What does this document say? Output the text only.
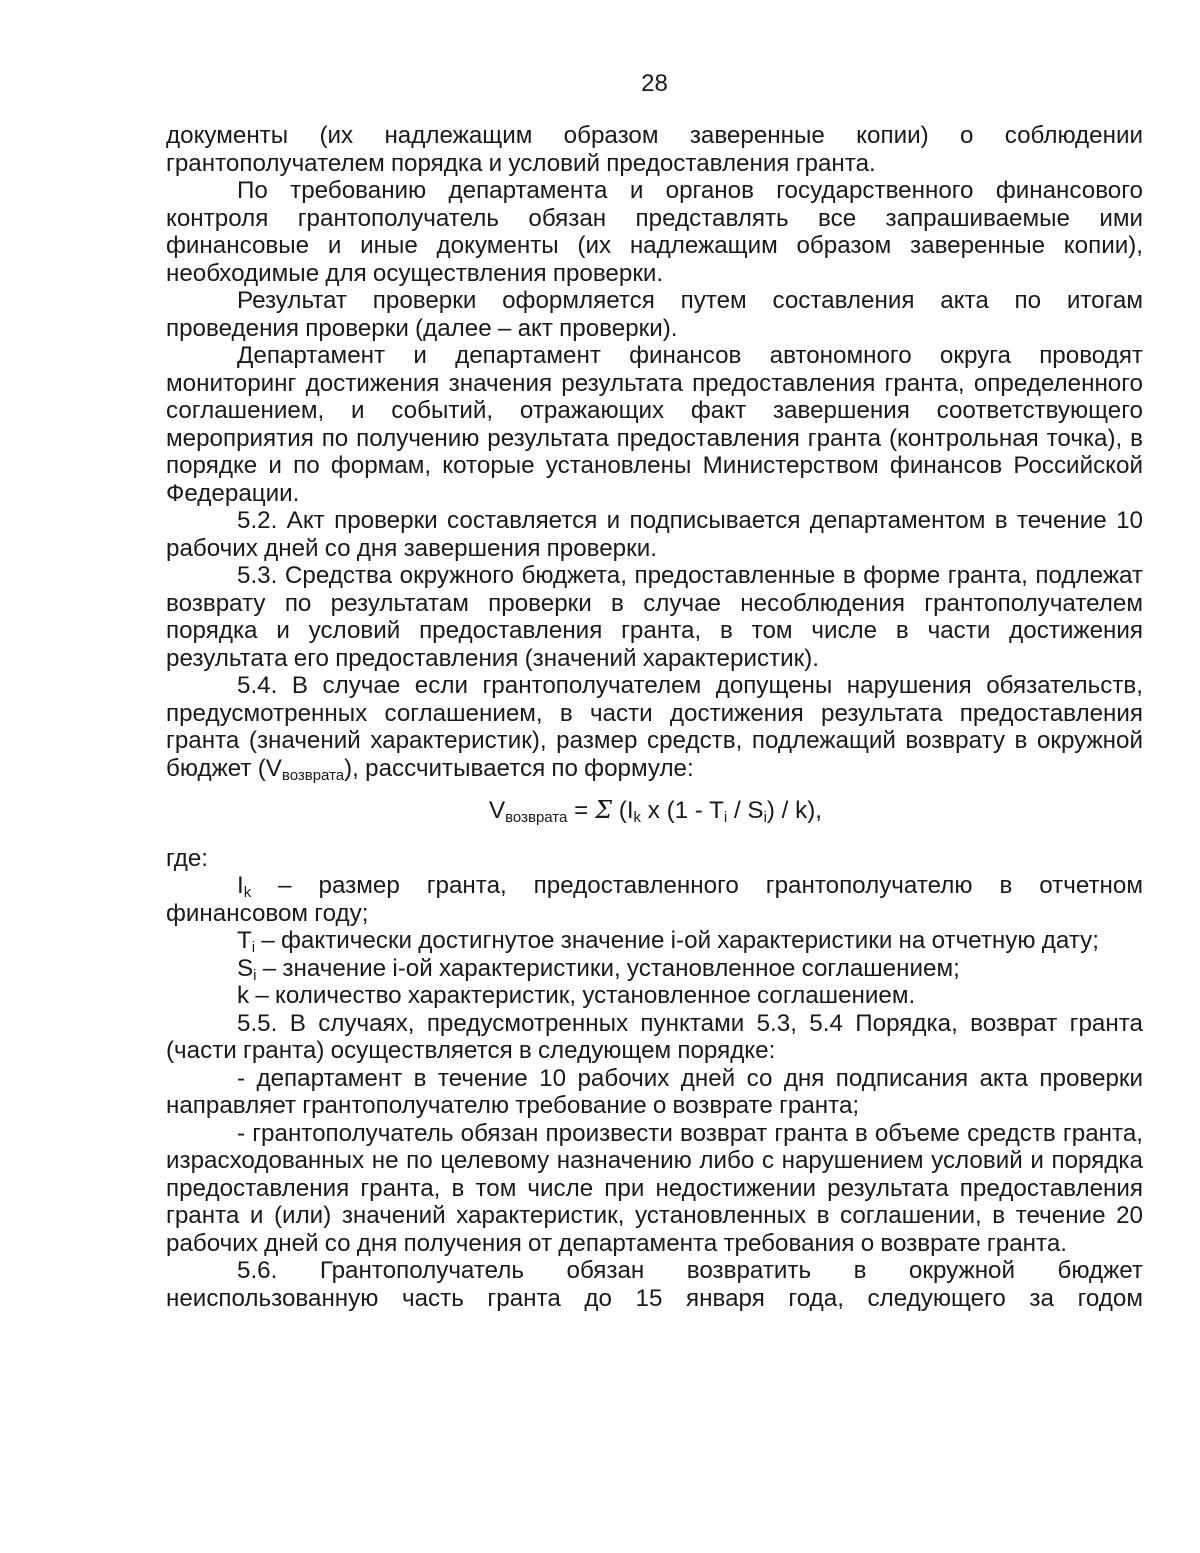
28

документы (их надлежащим образом заверенные копии) о соблюдении грантополучателем порядка и условий предоставления гранта.

По требованию департамента и органов государственного финансового контроля грантополучатель обязан представлять все запрашиваемые ими финансовые и иные документы (их надлежащим образом заверенные копии), необходимые для осуществления проверки.

Результат проверки оформляется путем составления акта по итогам проведения проверки (далее – акт проверки).

Департамент и департамент финансов автономного округа проводят мониторинг достижения значения результата предоставления гранта, определенного соглашением, и событий, отражающих факт завершения соответствующего мероприятия по получению результата предоставления гранта (контрольная точка), в порядке и по формам, которые установлены Министерством финансов Российской Федерации.

5.2. Акт проверки составляется и подписывается департаментом в течение 10 рабочих дней со дня завершения проверки.

5.3. Средства окружного бюджета, предоставленные в форме гранта, подлежат возврату по результатам проверки в случае несоблюдения грантополучателем порядка и условий предоставления гранта, в том числе в части достижения результата его предоставления (значений характеристик).

5.4. В случае если грантополучателем допущены нарушения обязательств, предусмотренных соглашением, в части достижения результата предоставления гранта (значений характеристик), размер средств, подлежащий возврату в окружной бюджет $(V_{возврата})$, рассчитывается по формуле:

$V_{возврата} = \Sigma$ ($I_k$ x $(1 - T_i / S_i) / k$),

где:

$I_k$ – размер гранта, предоставленного грантополучателю в отчетном финансовом году;

$T_i$ – фактически достигнутое значение i-ой характеристики на отчетную дату;

$S_i$ – значение i-ой характеристики, установленное соглашением;

k – количество характеристик, установленное соглашением.

5.5. В случаях, предусмотренных пунктами 5.3, 5.4 Порядка, возврат гранта (части гранта) осуществляется в следующем порядке:

- департамент в течение 10 рабочих дней со дня подписания акта проверки направляет грантополучателю требование о возврате гранта;

- грантополучатель обязан произвести возврат гранта в объеме средств гранта, израсходованных не по целевому назначению либо с нарушением условий и порядка предоставления гранта, в том числе при недостижении результата предоставления гранта и (или) значений характеристик, установленных в соглашении, в течение 20 рабочих дней со дня получения от департамента требования о возврате гранта.

5.6. Грантополучатель обязан возвратить в окружной бюджет неиспользованную часть гранта до 15 января года, следующего за годом
